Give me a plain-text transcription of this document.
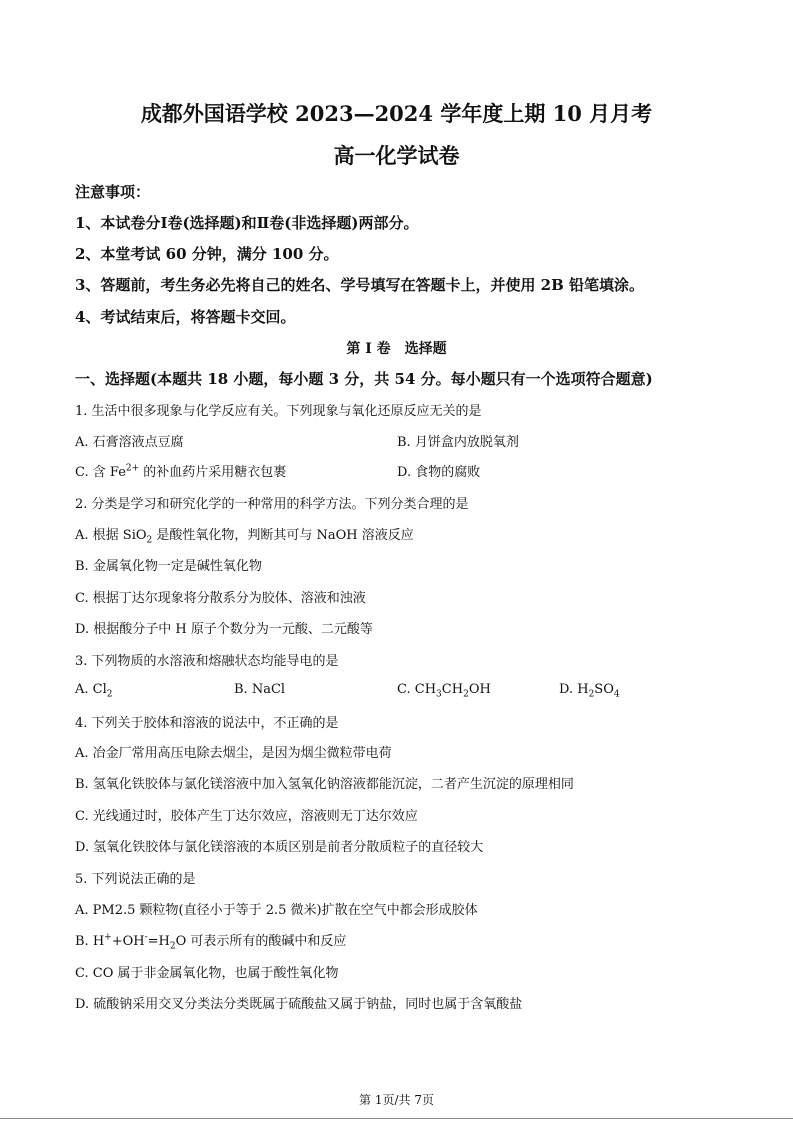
成都外国语学校 2023—2024 学年度上期 10 月月考
高一化学试卷
注意事项：
1、本试卷分Ⅰ卷(选择题)和Ⅱ卷(非选择题)两部分。
2、本堂考试 60 分钟，满分 100 分。
3、答题前，考生务必先将自己的姓名、学号填写在答题卡上，并使用 2B 铅笔填涂。
4、考试结束后，将答题卡交回。
第 I 卷　选择题
一、选择题(本题共 18 小题，每小题 3 分，共 54 分。每小题只有一个选项符合题意)
1. 生活中很多现象与化学反应有关。下列现象与氧化还原反应无关的是
A. 石膏溶液点豆腐	B. 月饼盒内放脱氧剂
C. 含 $Fe^{2+}$ 的补血药片采用糖衣包裹	D. 食物的腐败
2. 分类是学习和研究化学的一种常用的科学方法。下列分类合理的是
A. 根据 SiO$_2$ 是酸性氧化物，判断其可与 NaOH 溶液反应
B. 金属氧化物一定是碱性氧化物
C. 根据丁达尔现象将分散系分为胶体、溶液和浊液
D. 根据酸分子中 H 原子个数分为一元酸、二元酸等
3. 下列物质的水溶液和熔融状态均能导电的是
A. $Cl_2$	B. NaCl	C. $CH_3CH_2OH$	D. $H_2SO_4$
4. 下列关于胶体和溶液的说法中，不正确的是
A. 冶金厂常用高压电除去烟尘，是因为烟尘微粒带电荷
B. 氢氧化铁胶体与氯化镁溶液中加入氢氧化钠溶液都能沉淀，二者产生沉淀的原理相同
C. 光线通过时，胶体产生丁达尔效应，溶液则无丁达尔效应
D. 氢氧化铁胶体与氯化镁溶液的本质区别是前者分散质粒子的直径较大
5. 下列说法正确的是
A. PM2.5 颗粒物(直径小于等于 2.5 微米)扩散在空气中都会形成胶体
B. $H^++OH^-=H_2O$ 可表示所有的酸碱中和反应
C. CO 属于非金属氧化物，也属于酸性氧化物
D. 硫酸钠采用交叉分类法分类既属于硫酸盐又属于钠盐，同时也属于含氧酸盐
第 1页/共 7页
